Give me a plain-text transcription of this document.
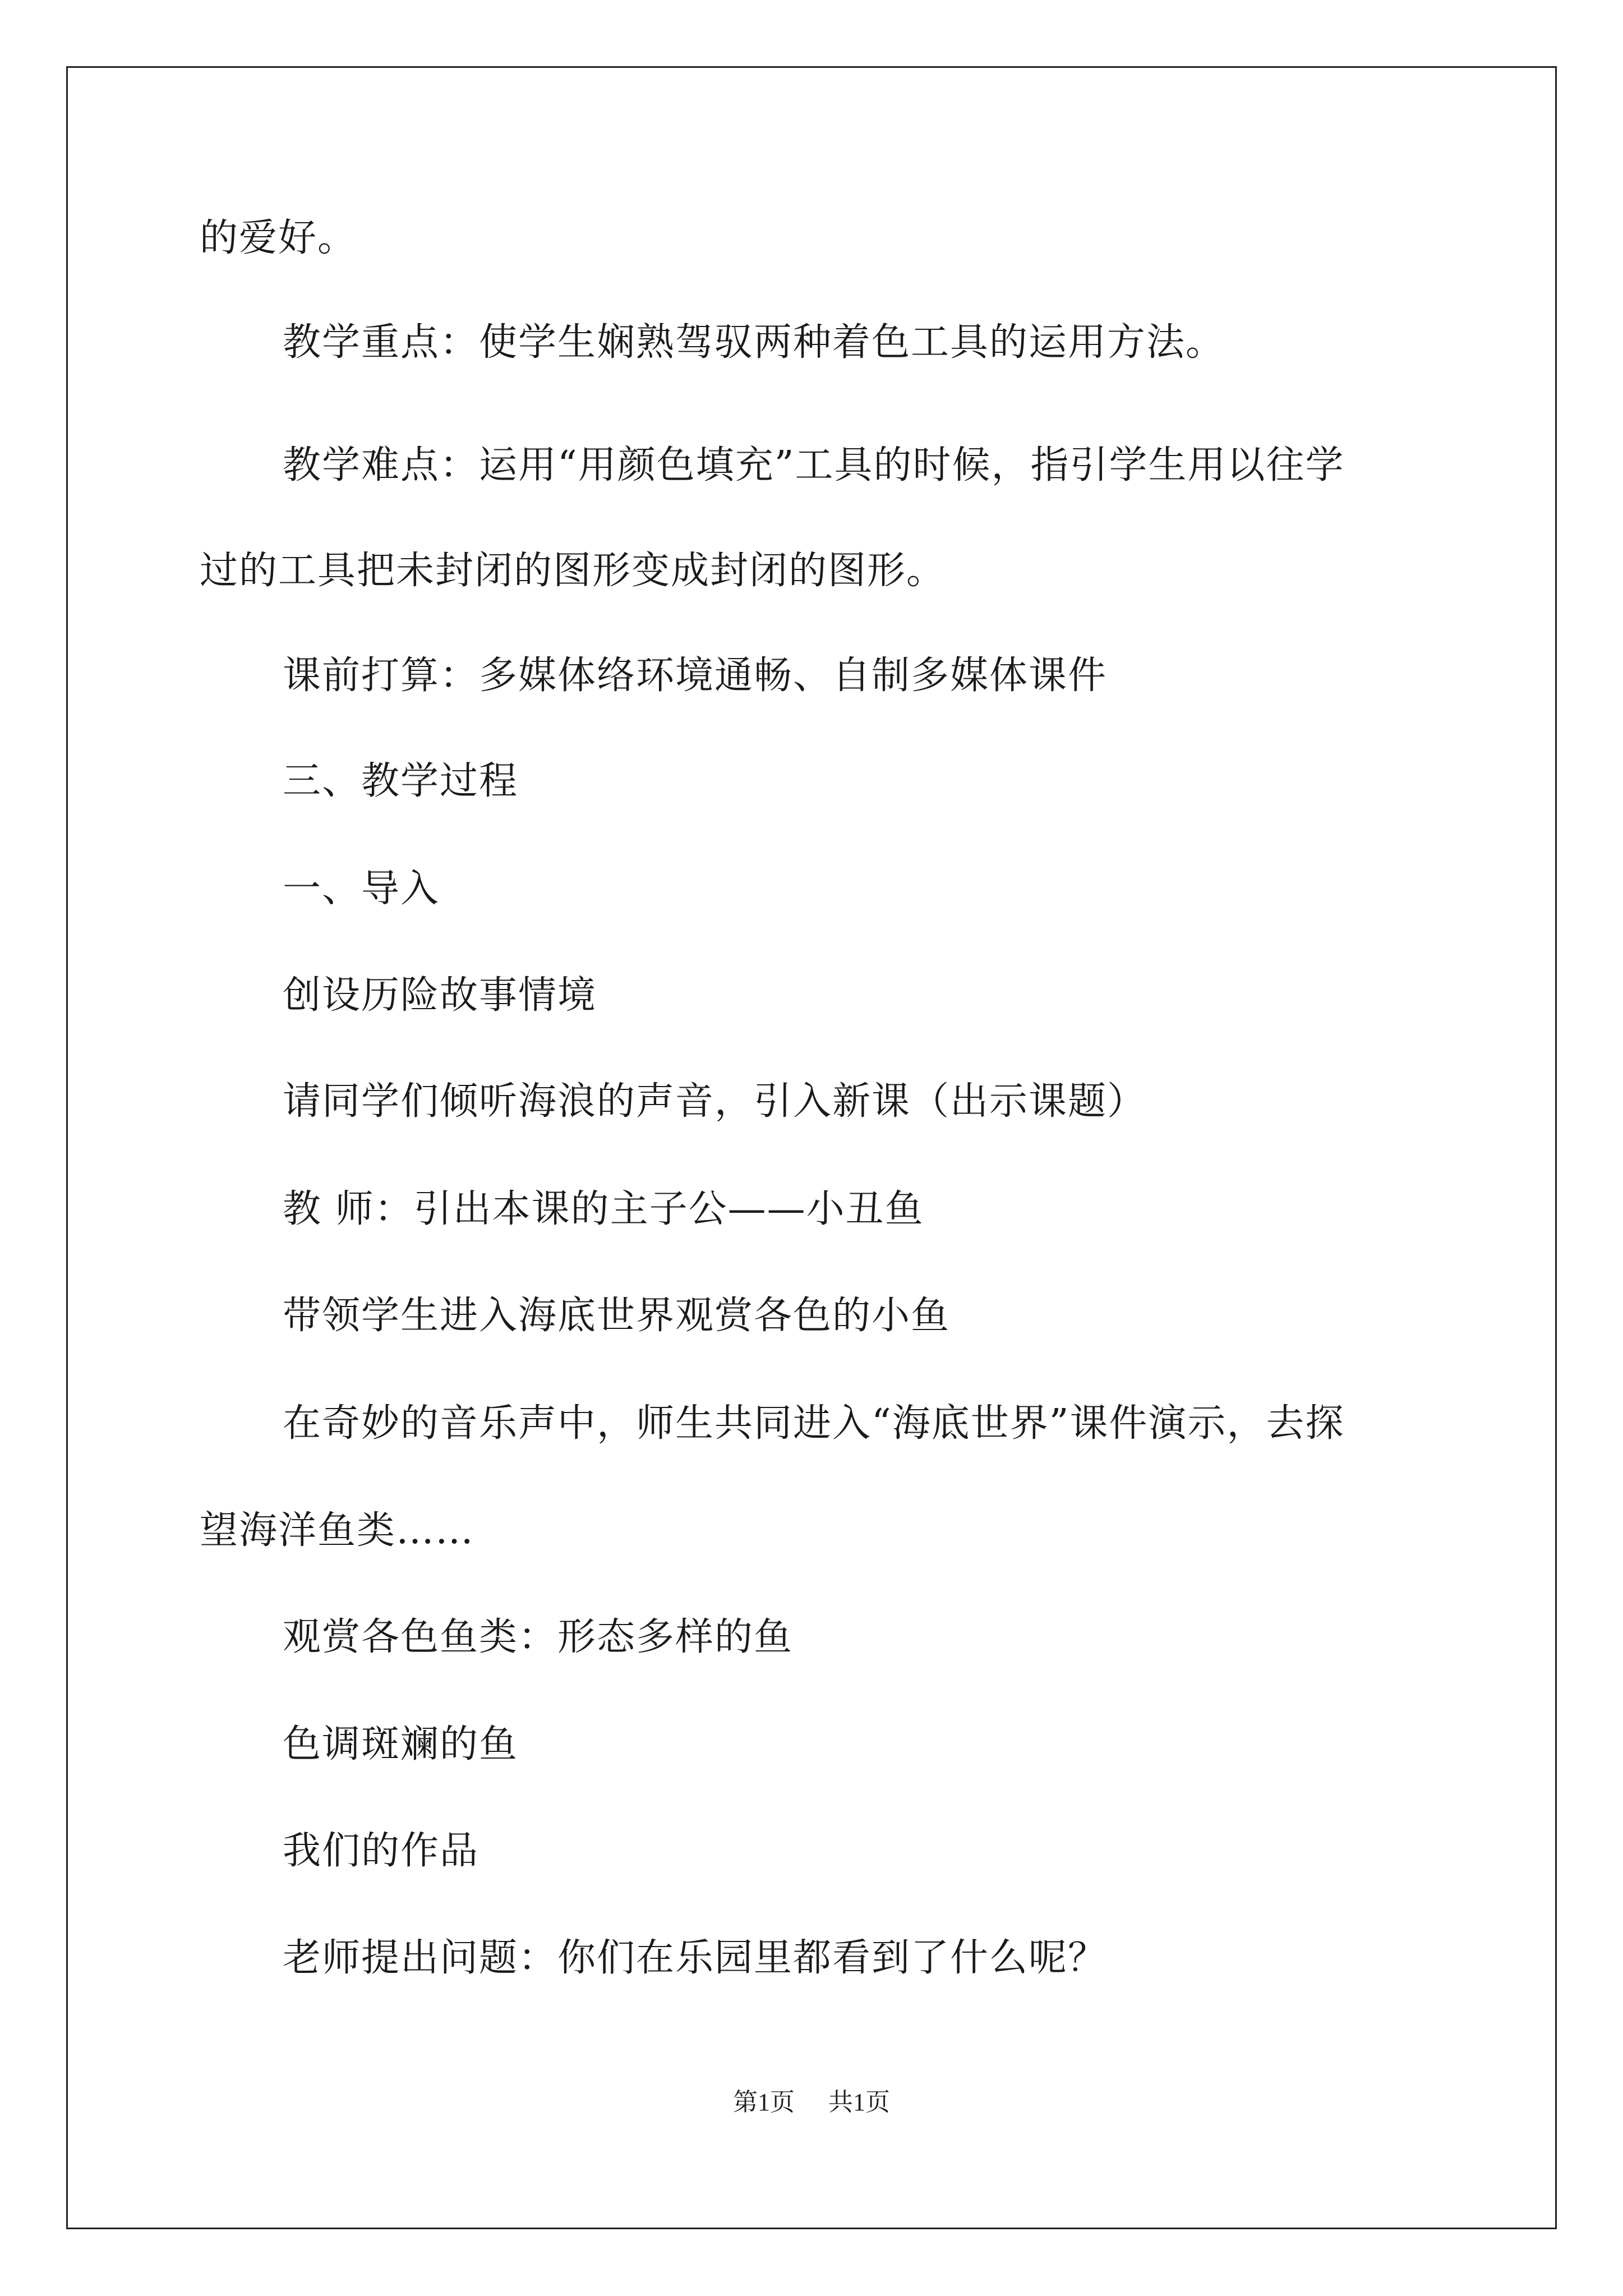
的爱好。
教学重点：使学生娴熟驾驭两种着色工具的运用方法。
教学难点：运用“用颜色填充”工具的时候，指引学生用以往学
过的工具把未封闭的图形变成封闭的图形。
课前打算：多媒体络环境通畅、自制多媒体课件
三、教学过程
一、导入
创设历险故事情境
请同学们倾听海浪的声音，引入新课（出示课题）
教 师：引出本课的主子公——小丑鱼
带领学生进入海底世界观赏各色的小鱼
在奇妙的音乐声中，师生共同进入“海底世界”课件演示，去探
望海洋鱼类……
观赏各色鱼类：形态多样的鱼
色调斑斓的鱼
我们的作品
老师提出问题：你们在乐园里都看到了什么呢？
第1页 共1页
